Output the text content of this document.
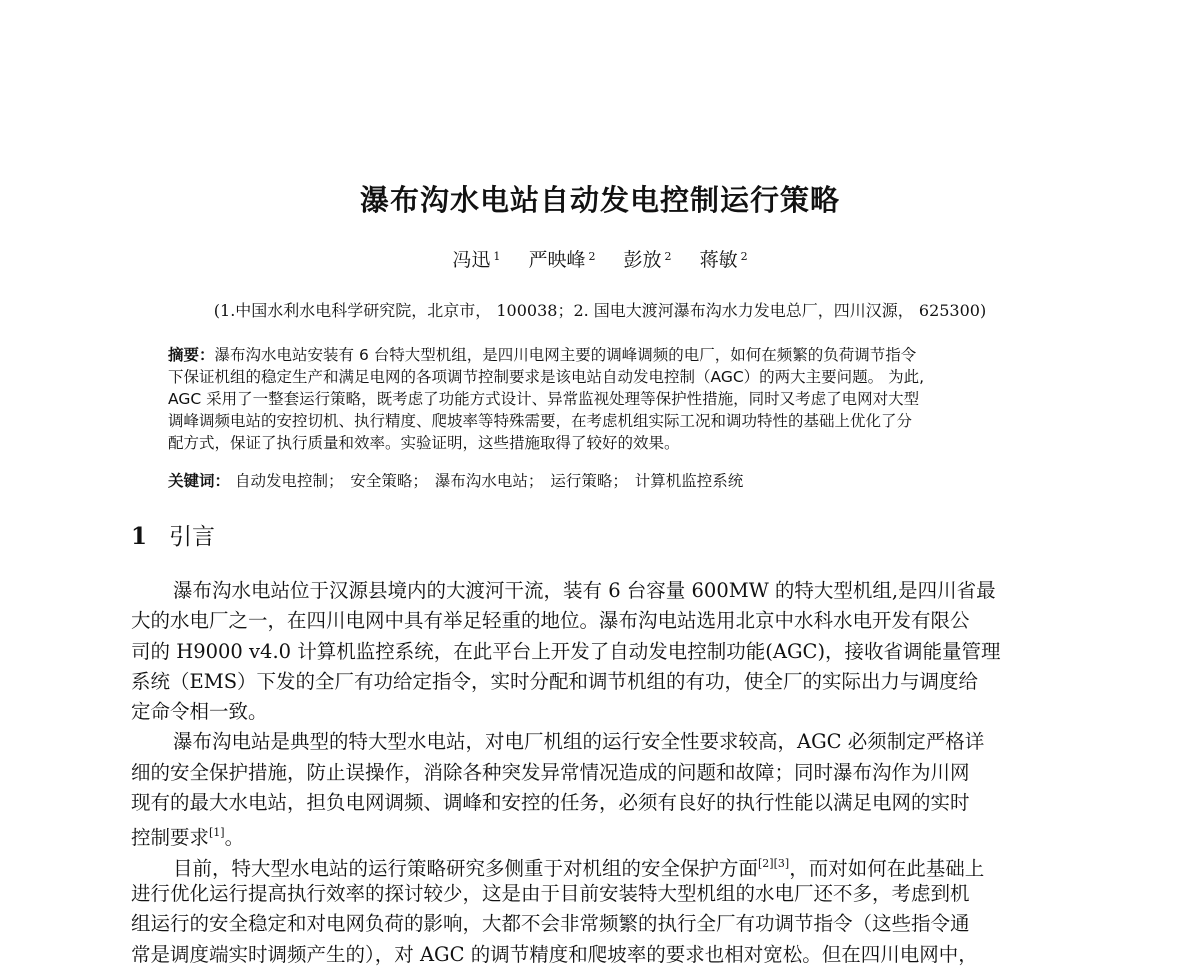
瀑布沟水电站自动发电控制运行策略
冯迅 $^1$ 严映峰 $^2$ 彭放 $^2$ 蒋敏 $^2$
(1.中国水利水电科学研究院，北京市， 100038；2. 国电大渡河瀑布沟水力发电总厂，四川汉源， 625300)
摘要：瀑布沟水电站安装有 6 台特大型机组，是四川电网主要的调峰调频的电厂，如何在频繁的负荷调节指令
下保证机组的稳定生产和满足电网的各项调节控制要求是该电站自动发电控制（AGC）的两大主要问题。 为此,
AGC 采用了一整套运行策略，既考虑了功能方式设计、异常监视处理等保护性措施，同时又考虑了电网对大型
调峰调频电站的安控切机、执行精度、爬坡率等特殊需要，在考虑机组实际工况和调功特性的基础上优化了分
配方式，保证了执行质量和效率。实验证明，这些措施取得了较好的效果。
关键词： 自动发电控制； 安全策略； 瀑布沟水电站； 运行策略； 计算机监控系统
1 引言
瀑布沟水电站位于汉源县境内的大渡河干流，装有 6 台容量 600MW 的特大型机组,是四川省最
大的水电厂之一，在四川电网中具有举足轻重的地位。瀑布沟电站选用北京中水科水电开发有限公
司的 H9000 v4.0 计算机监控系统，在此平台上开发了自动发电控制功能(AGC)，接收省调能量管理
系统（EMS）下发的全厂有功给定指令，实时分配和调节机组的有功，使全厂的实际出力与调度给
定命令相一致。
瀑布沟电站是典型的特大型水电站，对电厂机组的运行安全性要求较高，AGC 必须制定严格详
细的安全保护措施，防止误操作，消除各种突发异常情况造成的问题和故障；同时瀑布沟作为川网
现有的最大水电站，担负电网调频、调峰和安控的任务，必须有良好的执行性能以满足电网的实时
控制要求[1]。
目前，特大型水电站的运行策略研究多侧重于对机组的安全保护方面[2][3]，而对如何在此基础上
进行优化运行提高执行效率的探讨较少，这是由于目前安装特大型机组的水电厂还不多，考虑到机
组运行的安全稳定和对电网负荷的影响，大都不会非常频繁的执行全厂有功调节指令（这些指令通
常是调度端实时调频产生的），对 AGC 的调节精度和爬坡率的要求也相对宽松。但在四川电网中，
